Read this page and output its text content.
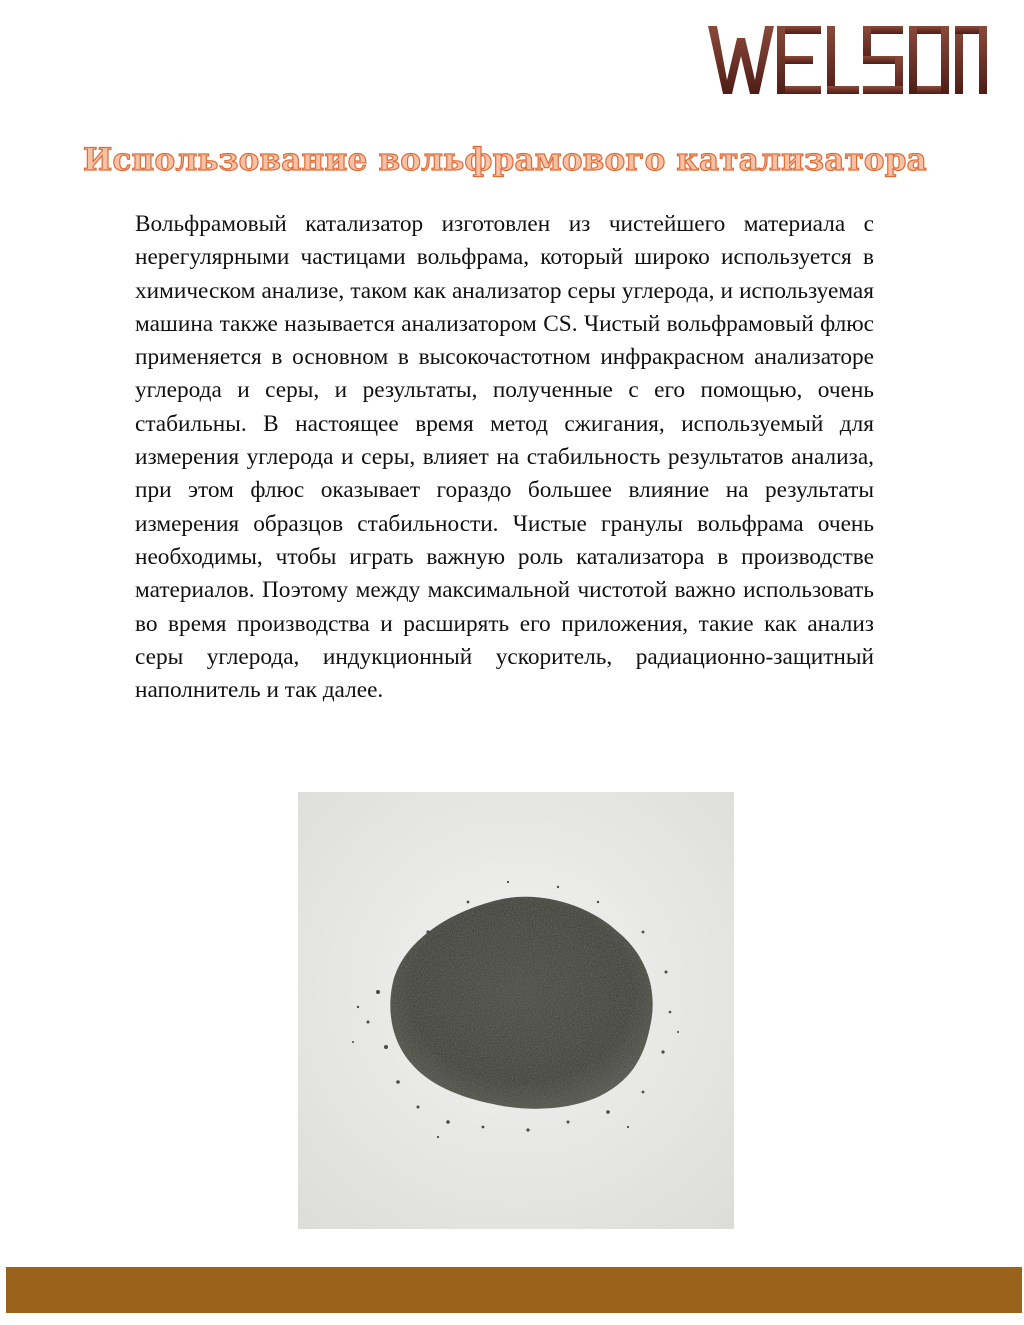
Использование вольфрамового катализатора

Вольфрамовый катализатор изготовлен из чистейшего материала с нерегулярными частицами вольфрама, который широко используется в химическом анализе, таком как анализатор серы углерода, и используемая машина также называется анализатором CS. Чистый вольфрамовый флюс применяется в основном в высокочастотном инфракрасном анализаторе углерода и серы, и результаты, полученные с его помощью, очень стабильны. В настоящее время метод сжигания, используемый для измерения углерода и серы, влияет на стабильность результатов анализа, при этом флюс оказывает гораздо большее влияние на результаты измерения образцов стабильности. Чистые гранулы вольфрама очень необходимы, чтобы играть важную роль катализатора в производстве материалов. Поэтому между максимальной чистотой важно использовать во время производства и расширять его приложения, такие как анализ серы углерода, индукционный ускоритель, радиационно-защитный наполнитель и так далее.
